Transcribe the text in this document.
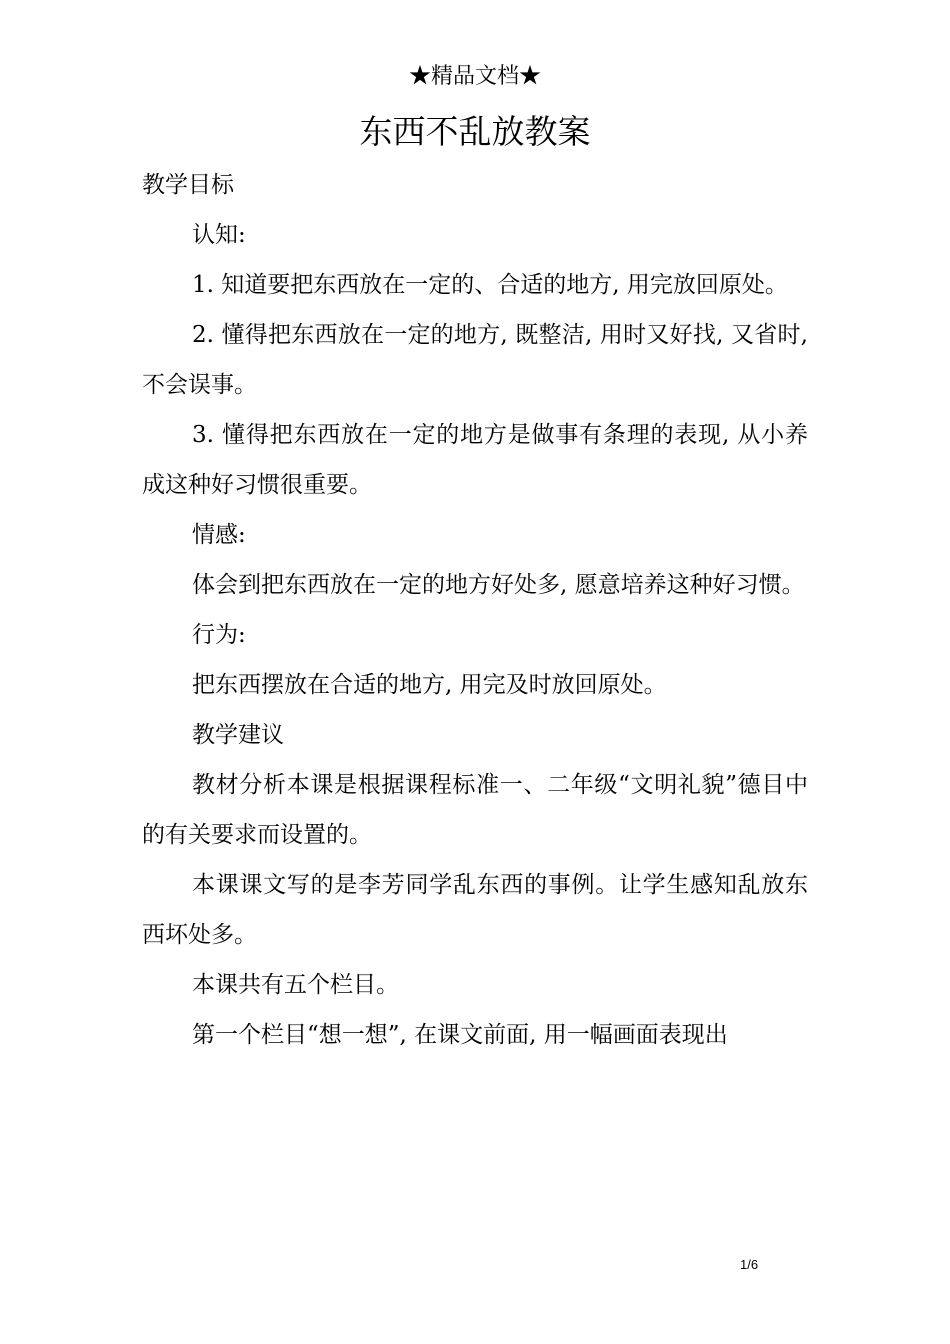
★精品文档★
东西不乱放教案

教学目标

认知:

1. 知道要把东西放在一定的、合适的地方, 用完放回原处。

2. 懂得把东西放在一定的地方, 既整洁, 用时又好找, 又省时, 不会误事。

3. 懂得把东西放在一定的地方是做事有条理的表现, 从小养成这种好习惯很重要。

情感:

体会到把东西放在一定的地方好处多, 愿意培养这种好习惯。

行为:

把东西摆放在合适的地方, 用完及时放回原处。

教学建议

教材分析本课是根据课程标准一、二年级“文明礼貌”德目中的有关要求而设置的。

本课课文写的是李芳同学乱东西的事例。让学生感知乱放东西坏处多。

本课共有五个栏目。

第一个栏目“想一想”, 在课文前面, 用一幅画面表现出

1/6
